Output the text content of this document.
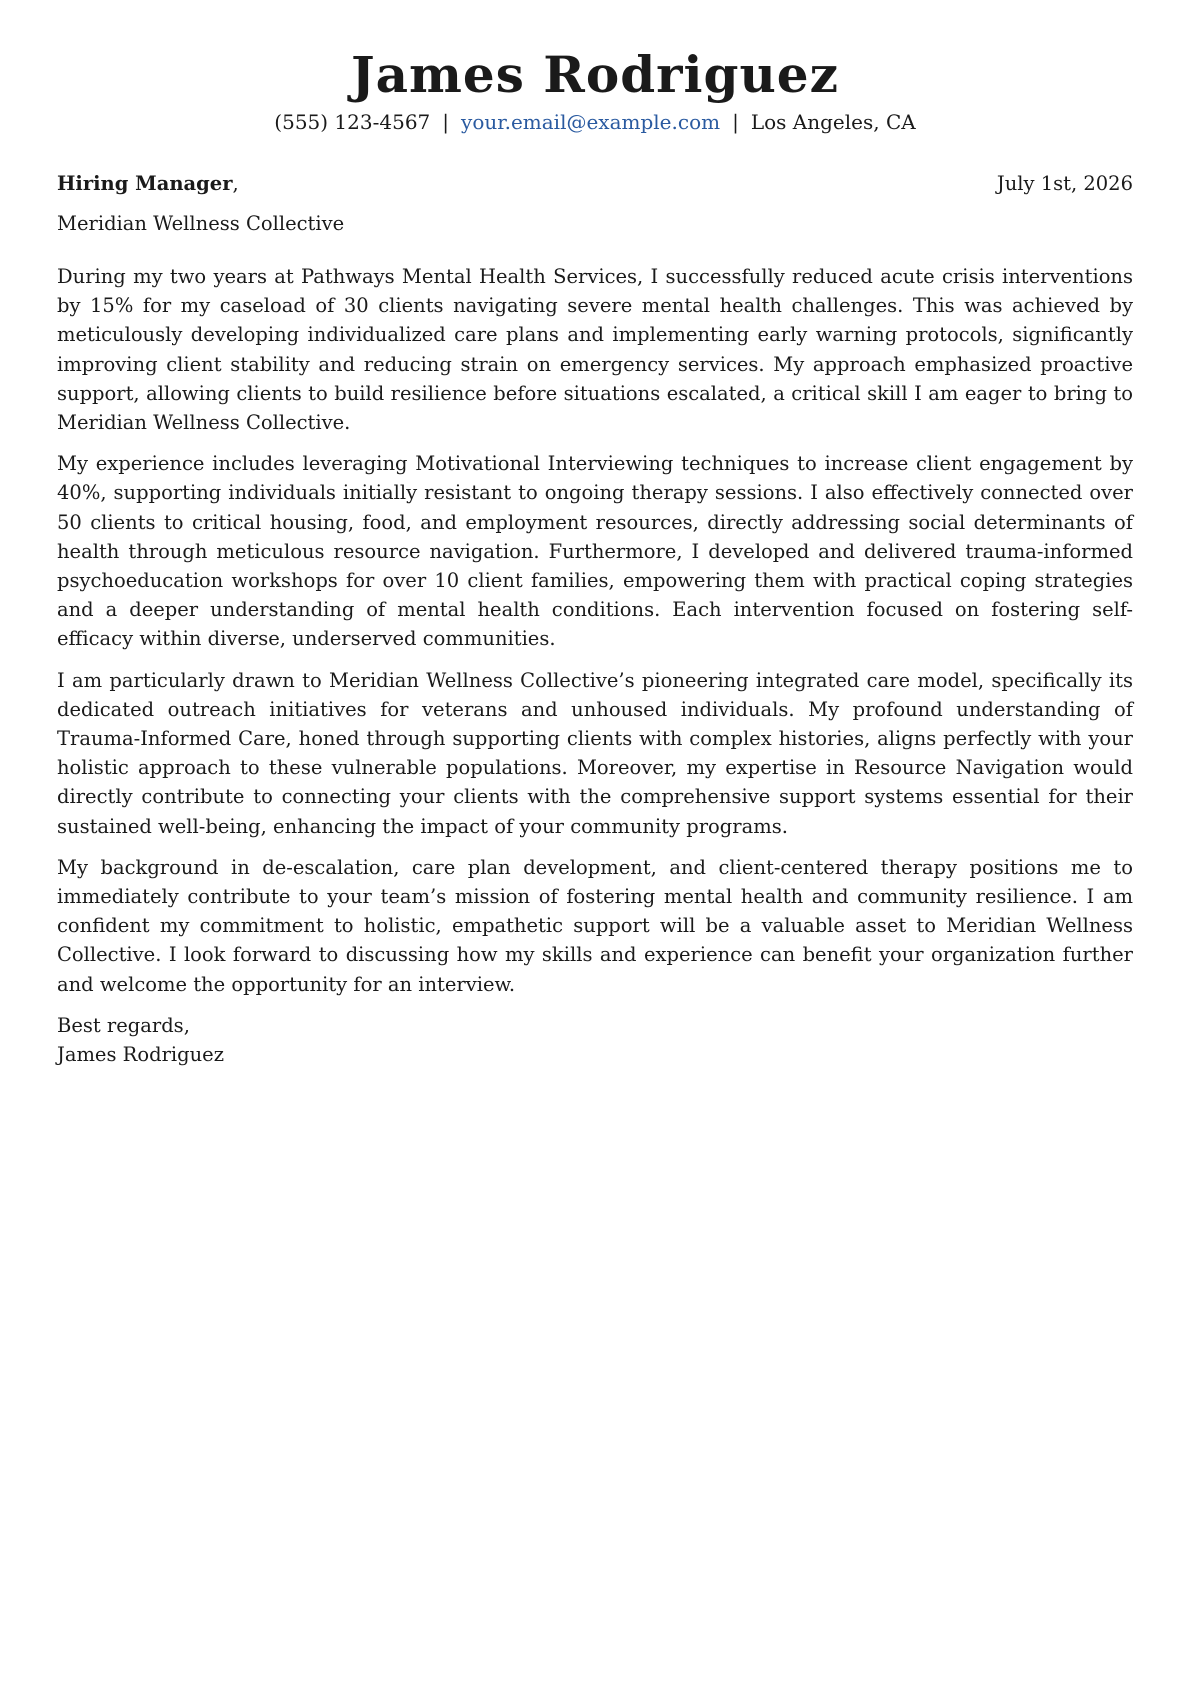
James Rodriguez
(555) 123-4567 | your.email@example.com | Los Angeles, CA
Hiring Manager,	July 1st, 2026
Meridian Wellness Collective

During my two years at Pathways Mental Health Services, I successfully reduced acute crisis interventions by 15% for my caseload of 30 clients navigating severe mental health challenges. This was achieved by meticulously developing individualized care plans and implementing early warning protocols, significantly improving client stability and reducing strain on emergency services. My approach emphasized proactive support, allowing clients to build resilience before situations escalated, a critical skill I am eager to bring to Meridian Wellness Collective.

My experience includes leveraging Motivational Interviewing techniques to increase client engagement by 40%, supporting individuals initially resistant to ongoing therapy sessions. I also effectively connected over 50 clients to critical housing, food, and employment resources, directly addressing social determinants of health through meticulous resource navigation. Furthermore, I developed and delivered trauma-informed psychoeducation workshops for over 10 client families, empowering them with practical coping strategies and a deeper understanding of mental health conditions. Each intervention focused on fostering self-efficacy within diverse, underserved communities.

I am particularly drawn to Meridian Wellness Collective’s pioneering integrated care model, specifically its dedicated outreach initiatives for veterans and unhoused individuals. My profound understanding of Trauma-Informed Care, honed through supporting clients with complex histories, aligns perfectly with your holistic approach to these vulnerable populations. Moreover, my expertise in Resource Navigation would directly contribute to connecting your clients with the comprehensive support systems essential for their sustained well-being, enhancing the impact of your community programs.

My background in de-escalation, care plan development, and client-centered therapy positions me to immediately contribute to your team’s mission of fostering mental health and community resilience. I am confident my commitment to holistic, empathetic support will be a valuable asset to Meridian Wellness Collective. I look forward to discussing how my skills and experience can benefit your organization further and welcome the opportunity for an interview.

Best regards,
James Rodriguez
